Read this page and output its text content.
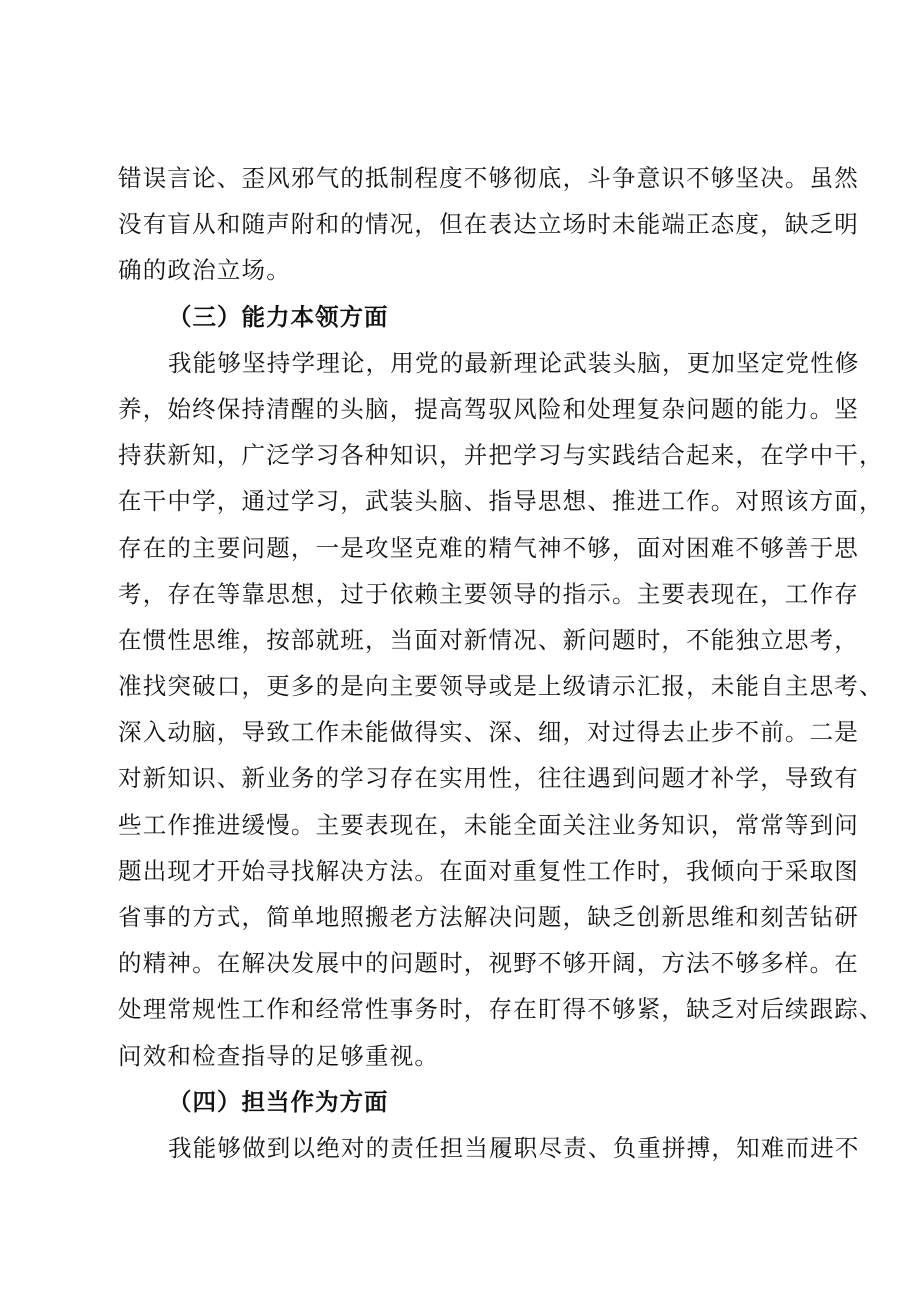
错误言论、歪风邪气的抵制程度不够彻底，斗争意识不够坚决。虽然
没有盲从和随声附和的情况，但在表达立场时未能端正态度，缺乏明
确的政治立场。
（三）能力本领方面
我能够坚持学理论，用党的最新理论武装头脑，更加坚定党性修
养，始终保持清醒的头脑，提高驾驭风险和处理复杂问题的能力。坚
持获新知，广泛学习各种知识，并把学习与实践结合起来，在学中干，
在干中学，通过学习，武装头脑、指导思想、推进工作。对照该方面，
存在的主要问题，一是攻坚克难的精气神不够，面对困难不够善于思
考，存在等靠思想，过于依赖主要领导的指示。主要表现在，工作存
在惯性思维，按部就班，当面对新情况、新问题时，不能独立思考，
准找突破口，更多的是向主要领导或是上级请示汇报，未能自主思考、
深入动脑，导致工作未能做得实、深、细，对过得去止步不前。二是
对新知识、新业务的学习存在实用性，往往遇到问题才补学，导致有
些工作推进缓慢。主要表现在，未能全面关注业务知识，常常等到问
题出现才开始寻找解决方法。在面对重复性工作时，我倾向于采取图
省事的方式，简单地照搬老方法解决问题，缺乏创新思维和刻苦钻研
的精神。在解决发展中的问题时，视野不够开阔，方法不够多样。在
处理常规性工作和经常性事务时，存在盯得不够紧，缺乏对后续跟踪、
问效和检查指导的足够重视。
（四）担当作为方面
我能够做到以绝对的责任担当履职尽责、负重拼搏，知难而进不
